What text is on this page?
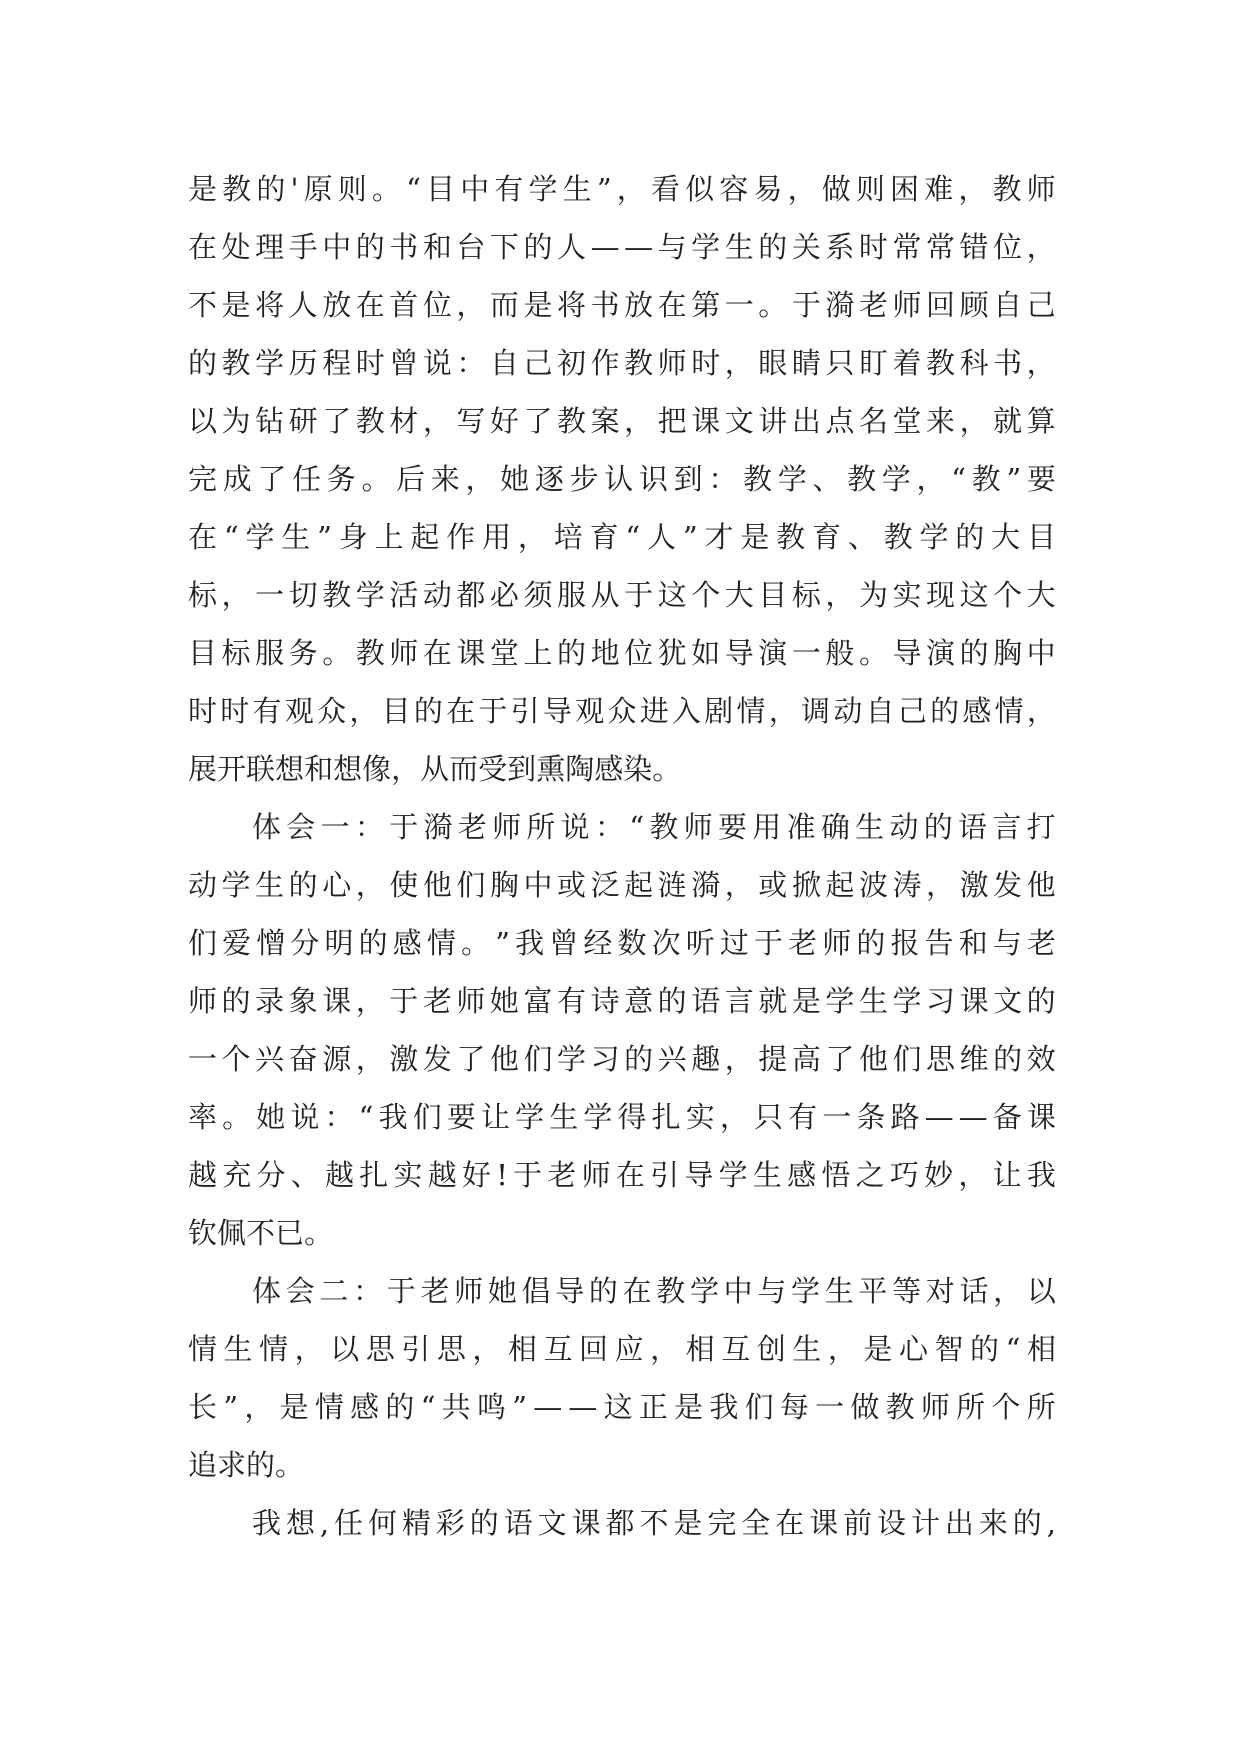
是 教 的 ' 原 则 。 “ 目 中 有 学 生 ” ， 看 似 容 易 ， 做 则 困 难 ， 教 师
在 处 理 手 中 的 书 和 台 下 的 人 — — 与 学 生 的 关 系 时 常 常 错 位 ，
不 是 将 人 放 在 首 位 ， 而 是 将 书 放 在 第 一 。 于 漪 老 师 回 顾 自 己
的 教 学 历 程 时 曾 说 ： 自 己 初 作 教 师 时 ， 眼 睛 只 盯 着 教 科 书 ，
以 为 钻 研 了 教 材 ， 写 好 了 教 案 ， 把 课 文 讲 出 点 名 堂 来 ， 就 算
完 成 了 任 务 。 后 来 ， 她 逐 步 认 识 到 ： 教 学 、 教 学 ， “ 教 ” 要
在 “ 学 生 ” 身 上 起 作 用 ， 培 育 “ 人 ” 才 是 教 育 、 教 学 的 大 目
标 ， 一 切 教 学 活 动 都 必 须 服 从 于 这 个 大 目 标 ， 为 实 现 这 个 大
目 标 服 务 。 教 师 在 课 堂 上 的 地 位 犹 如 导 演 一 般 。 导 演 的 胸 中
时 时 有 观 众 ， 目 的 在 于 引 导 观 众 进 入 剧 情 ， 调 动 自 己 的 感 情 ，
展 开 联 想 和 想 像 ， 从 而 受 到 熏 陶 感 染 。
体 会 一 ： 于 漪 老 师 所 说 ： “ 教 师 要 用 准 确 生 动 的 语 言 打
动 学 生 的 心 ， 使 他 们 胸 中 或 泛 起 涟 漪 ， 或 掀 起 波 涛 ， 激 发 他
们 爱 憎 分 明 的 感 情 。 ” 我 曾 经 数 次 听 过 于 老 师 的 报 告 和 与 老
师 的 录 象 课 ， 于 老 师 她 富 有 诗 意 的 语 言 就 是 学 生 学 习 课 文 的
一 个 兴 奋 源 ， 激 发 了 他 们 学 习 的 兴 趣 ， 提 高 了 他 们 思 维 的 效
率 。 她 说 ： “ 我 们 要 让 学 生 学 得 扎 实 ， 只 有 一 条 路 — — 备 课
越 充 分 、 越 扎 实 越 好 ! 于 老 师 在 引 导 学 生 感 悟 之 巧 妙 ， 让 我
钦 佩 不 已 。
体 会 二 ： 于 老 师 她 倡 导 的 在 教 学 中 与 学 生 平 等 对 话 ， 以
情 生 情 ， 以 思 引 思 ， 相 互 回 应 ， 相 互 创 生 ， 是 心 智 的 “ 相
长 ” ， 是 情 感 的 “ 共 鸣 ” — — 这 正 是 我 们 每 一 做 教 师 所 个 所
追 求 的 。
我 想 , 任 何 精 彩 的 语 文 课 都 不 是 完 全 在 课 前 设 计 出 来 的 ,
